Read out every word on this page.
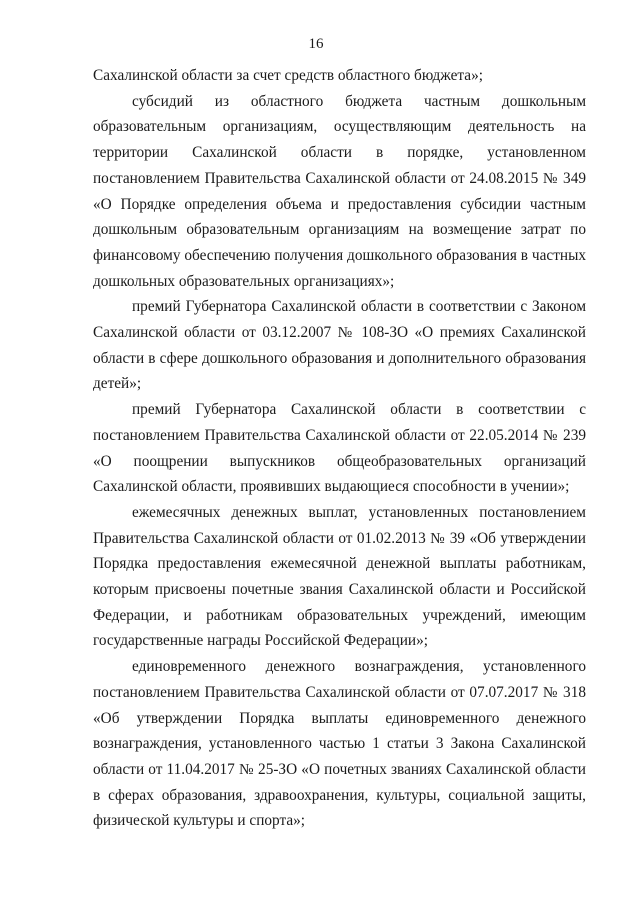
16

Сахалинской области за счет средств областного бюджета»;

субсидий из областного бюджета частным дошкольным образовательным организациям, осуществляющим деятельность на территории Сахалинской области в порядке, установленном постановлением Правительства Сахалинской области от 24.08.2015 № 349 «О Порядке определения объема и предоставления субсидии частным дошкольным образовательным организациям на возмещение затрат по финансовому обеспечению получения дошкольного образования в частных дошкольных образовательных организациях»;

премий Губернатора Сахалинской области в соответствии с Законом Сахалинской области от 03.12.2007 № 108-ЗО «О премиях Сахалинской области в сфере дошкольного образования и дополнительного образования детей»;

премий Губернатора Сахалинской области в соответствии с постановлением Правительства Сахалинской области от 22.05.2014 № 239 «О поощрении выпускников общеобразовательных организаций Сахалинской области, проявивших выдающиеся способности в учении»;

ежемесячных денежных выплат, установленных постановлением Правительства Сахалинской области от 01.02.2013 № 39 «Об утверждении Порядка предоставления ежемесячной денежной выплаты работникам, которым присвоены почетные звания Сахалинской области и Российской Федерации, и работникам образовательных учреждений, имеющим государственные награды Российской Федерации»;

единовременного денежного вознаграждения, установленного постановлением Правительства Сахалинской области от 07.07.2017 № 318 «Об утверждении Порядка выплаты единовременного денежного вознаграждения, установленного частью 1 статьи 3 Закона Сахалинской области от 11.04.2017 № 25-ЗО «О почетных званиях Сахалинской области в сферах образования, здравоохранения, культуры, социальной защиты, физической культуры и спорта»;
